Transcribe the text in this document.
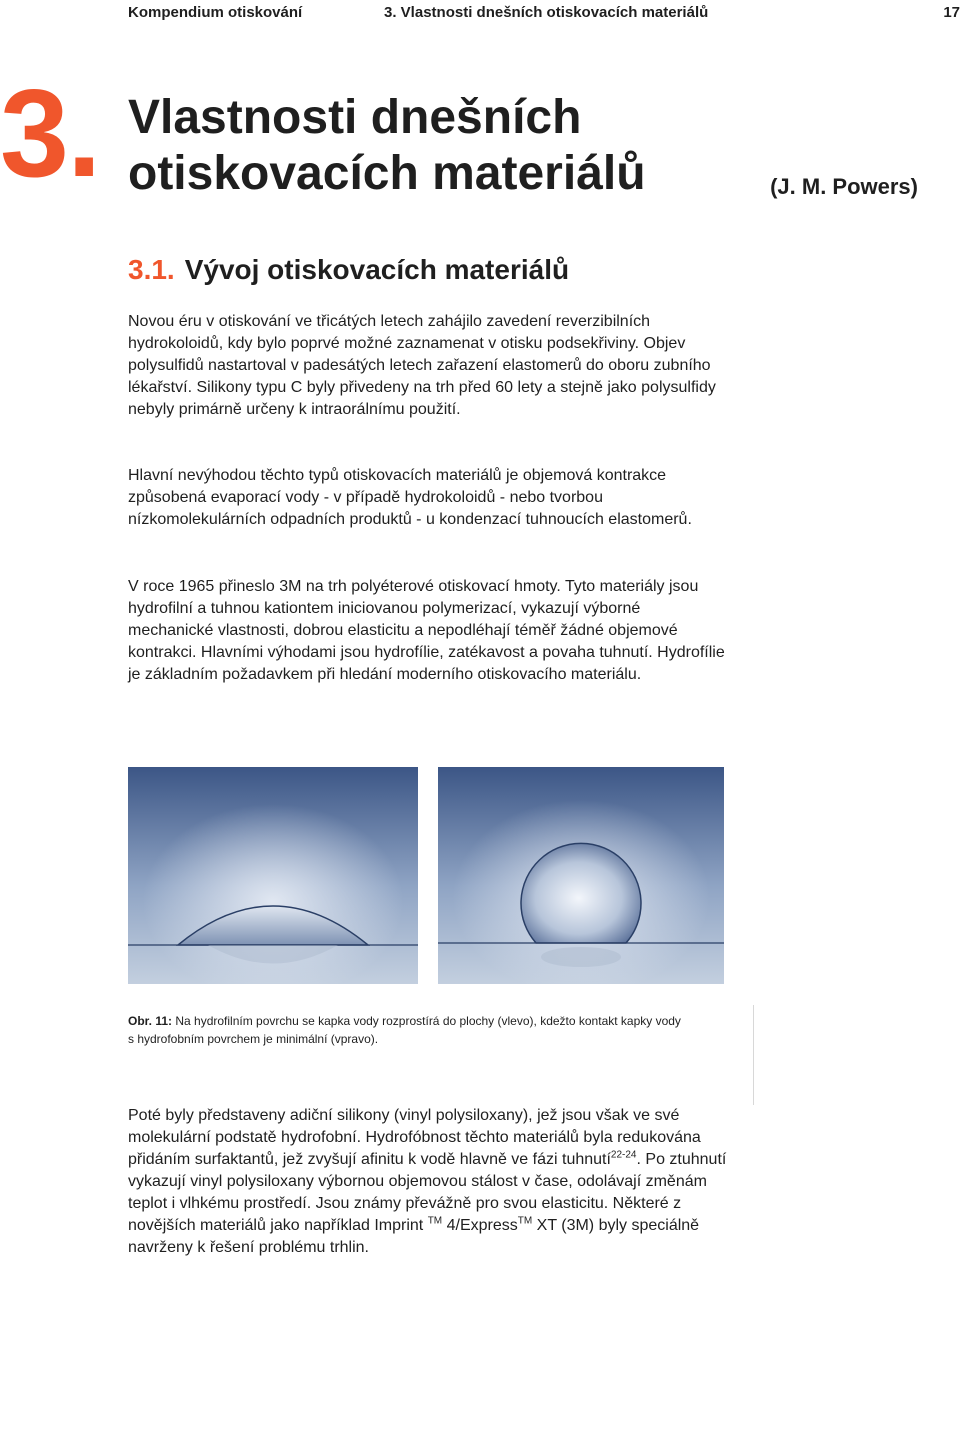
Kompendium otiskování	3. Vlastnosti dnešních otiskovacích materiálů	17
3. Vlastnosti dnešních otiskovacích materiálů	(J. M. Powers)
3.1. Vývoj otiskovacích materiálů

Novou éru v otiskování ve třicátých letech zahájilo zavedení reverzibilních hydrokoloidů, kdy bylo poprvé možné zaznamenat v otisku podsekřiviny. Objev polysulfidů nastartoval v padesátých letech zařazení elastomerů do oboru zubního lékařství. Silikony typu C byly přivedeny na trh před 60 lety a stejně jako polysulfidy nebyly primárně určeny k intraorálnímu použití.

Hlavní nevýhodou těchto typů otiskovacích materiálů je objemová kontrakce způsobená evaporací vody - v případě hydrokoloidů - nebo tvorbou nízkomolekulárních odpadních produktů - u kondenzací tuhnoucích elastomerů.

V roce 1965 přineslo 3M na trh polyéterové otiskovací hmoty. Tyto materiály jsou hydrofilní a tuhnou kationtem iniciovanou polymerizací, vykazují výborné mechanické vlastnosti, dobrou elasticitu a nepodléhají téměř žádné objemové kontrakci. Hlavními výhodami jsou hydrofílie, zatékavost a povaha tuhnutí. Hydrofílie je základním požadavkem při hledání moderního otiskovacího materiálu.

Obr. 11: Na hydrofilním povrchu se kapka vody rozprostírá do plochy (vlevo), kdežto kontakt kapky vody s hydrofobním povrchem je minimální (vpravo).

Poté byly představeny adiční silikony (vinyl polysiloxany), jež jsou však ve své molekulární podstatě hydrofobní. Hydrofóbnost těchto materiálů byla redukována přidáním surfaktantů, jež zvyšují afinitu k vodě hlavně ve fázi tuhnutí$^{22-24}$. Po ztuhnutí vykazují vinyl polysiloxany výbornou objemovou stálost v čase, odolávají změnám teplot i vlhkému prostředí. Jsou známy převážně pro svou elasticitu. Některé z novějších materiálů jako například Imprint ™ 4/Express™ XT (3M) byly speciálně navrženy k řešení problému trhlin.
